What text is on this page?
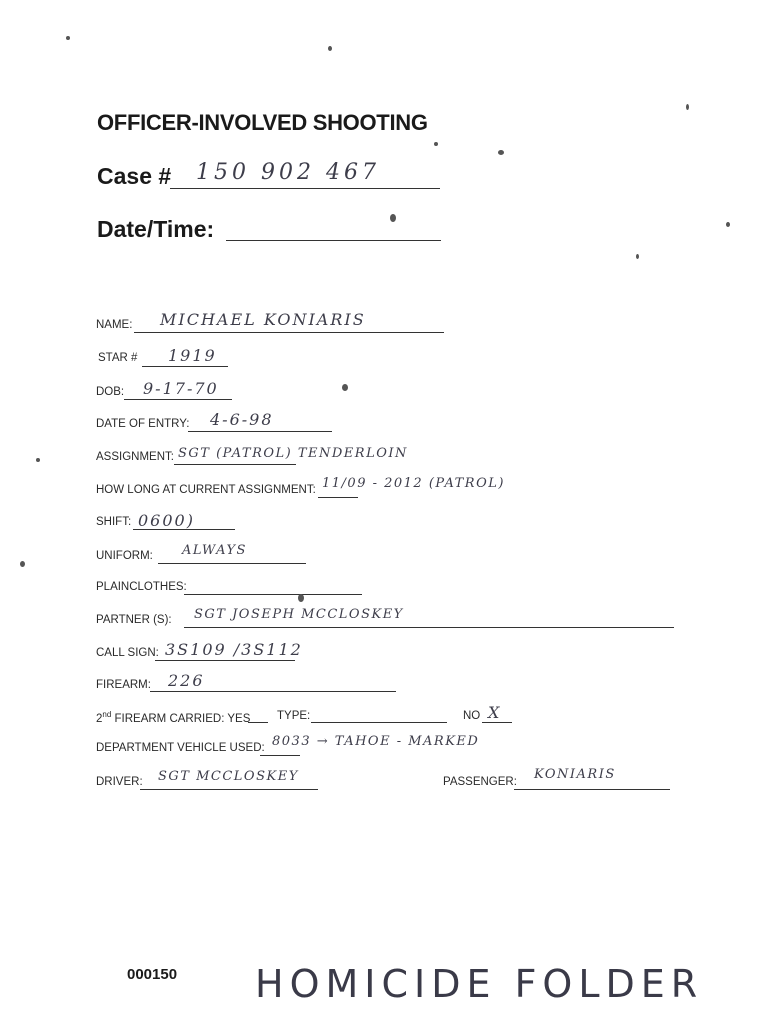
OFFICER-INVOLVED SHOOTING
Case # 150 902 467
Date/Time:
NAME: MICHAEL KONIARIS
STAR # 1919
DOB: 9-17-70
DATE OF ENTRY: 4-6-98
ASSIGNMENT: SGT (PATROL) TENDERLOIN
HOW LONG AT CURRENT ASSIGNMENT: 11/09 - 2012 (PATROL)
SHIFT: 0600)
UNIFORM: ALWAYS
PLAINCLOTHES:
PARTNER (S): SGT JOSEPH MCCLOSKEY
CALL SIGN: 3S109 /3S112
FIREARM: 226
2nd FIREARM CARRIED: YES TYPE:	NO X
DEPARTMENT VEHICLE USED: 8033 → TAHOE - MARKED
DRIVER: SGT MCCLOSKEY	PASSENGER: KONIARIS
000150 HOMICIDE FOLDER
